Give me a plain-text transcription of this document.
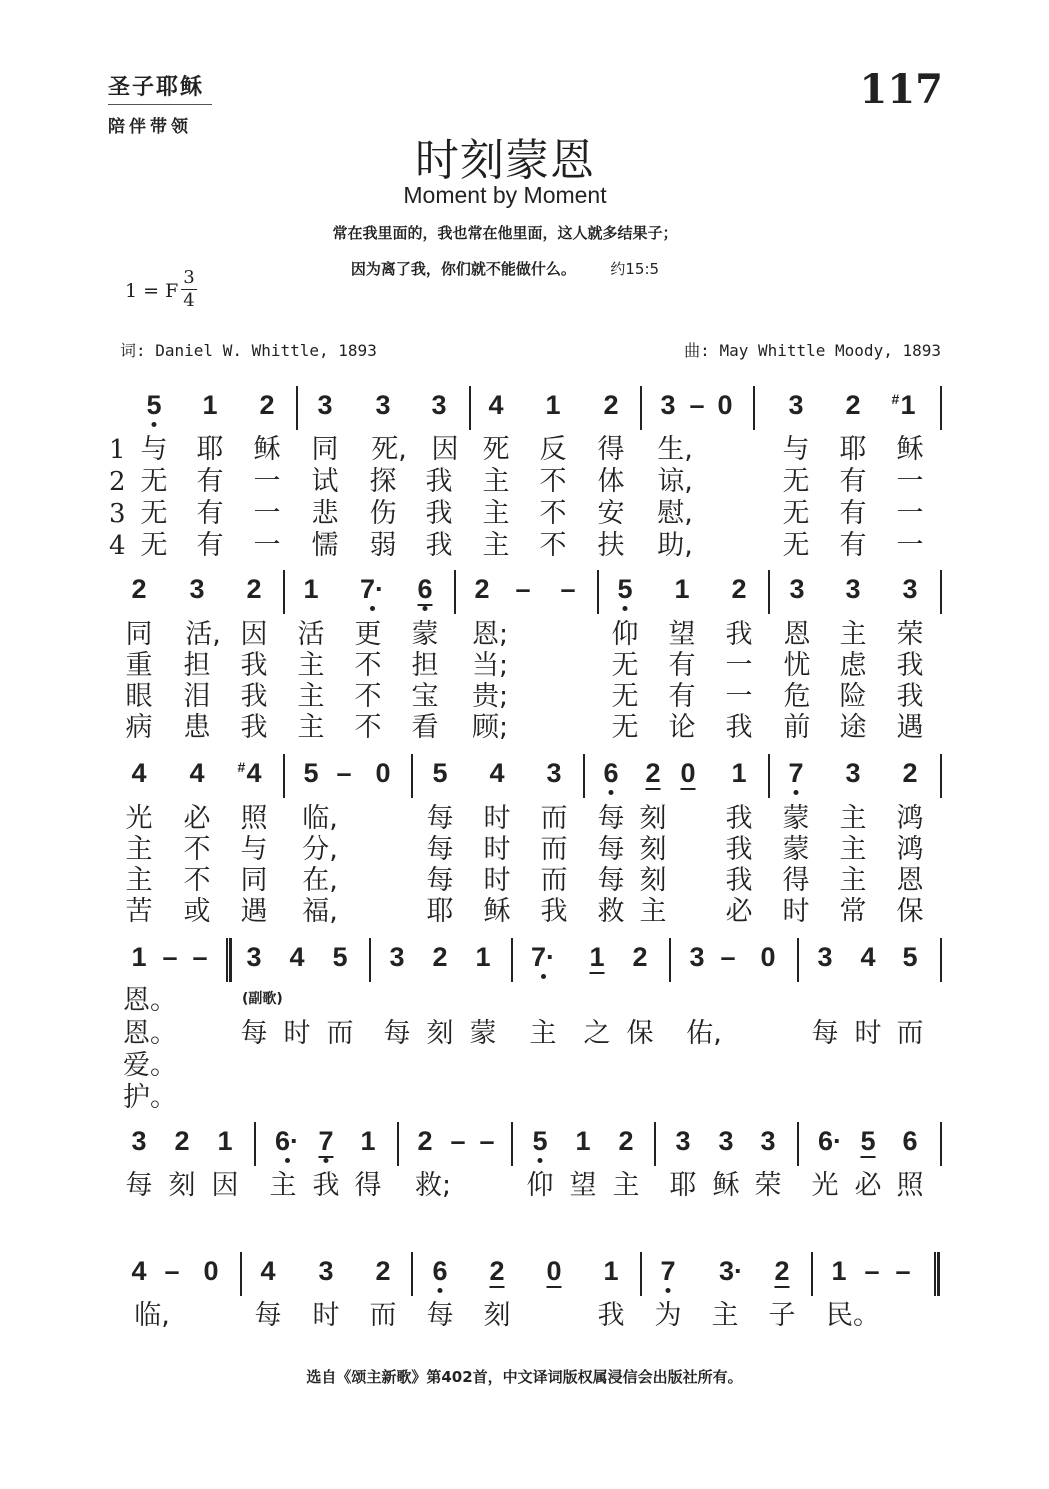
圣子耶稣
陪伴带领
117
时刻蒙恩
Moment by Moment
常在我里面的，我也常在他里面，这人就多结果子；
因为离了我，你们就不能做什么。 约15:5
1 = F
3
4
词: Daniel W. Whittle, 1893	曲: May Whittle Moody, 1893
5 1 2 3 3 3 4 1 2 3 – 0 3 2 # 1
1 与 耶 稣 同 死, 因 死 反 得 生,	与 耶 稣
2 无 有 一 试 探 我 主 不 体 谅,	无 有 一
3 无 有 一 悲 伤 我 主 不 安 慰,	无 有 一
4 无 有 一 懦 弱 我 主 不 扶 助,	无 有 一
2 3 2 1 7· 6 2 – – 5 1 2 3 3 3
同 活, 因 活 更 蒙 恩;	仰 望 我 恩 主 荣
重 担 我 主 不 担 当;	无 有 一 忧 虑 我
眼 泪 我 主 不 宝 贵;	无 有 一 危 险 我
病 患 我 主 不 看 顾;	无 论 我 前 途 遇
4 4 # 4 5 – 0 5 4 3 6 2 0 1 7 3 2
光 必 照 临,	每 时 而 每 刻 我 蒙 主 鸿
主 不 与 分,	每 时 而 每 刻 我 蒙 主 鸿
主 不 同 在,	每 时 而 每 刻 我 得 主 恩
苦 或 遇 福,	耶 稣 我 救 主 必 时 常 保
1 – – 3 4 5 3 2 1 7· 1 2 3 – 0 3 4 5
(副歌)
恩。
恩。 每 时 而 每 刻 蒙 主 之 保 佑,	每 时 而
爱。
护。
3 2 1 6· 7 1 2 – – 5 1 2 3 3 3 6· 5 6
每 刻 因 主 我 得 救;	仰 望 主 耶 稣 荣 光 必 照
4 – 0 4 3 2 6 2 0 1 7 3· 2 1 – –
临,	每 时 而 每 刻	我 为 主 子 民。
选自《颂主新歌》第402首，中文译词版权属浸信会出版社所有。
